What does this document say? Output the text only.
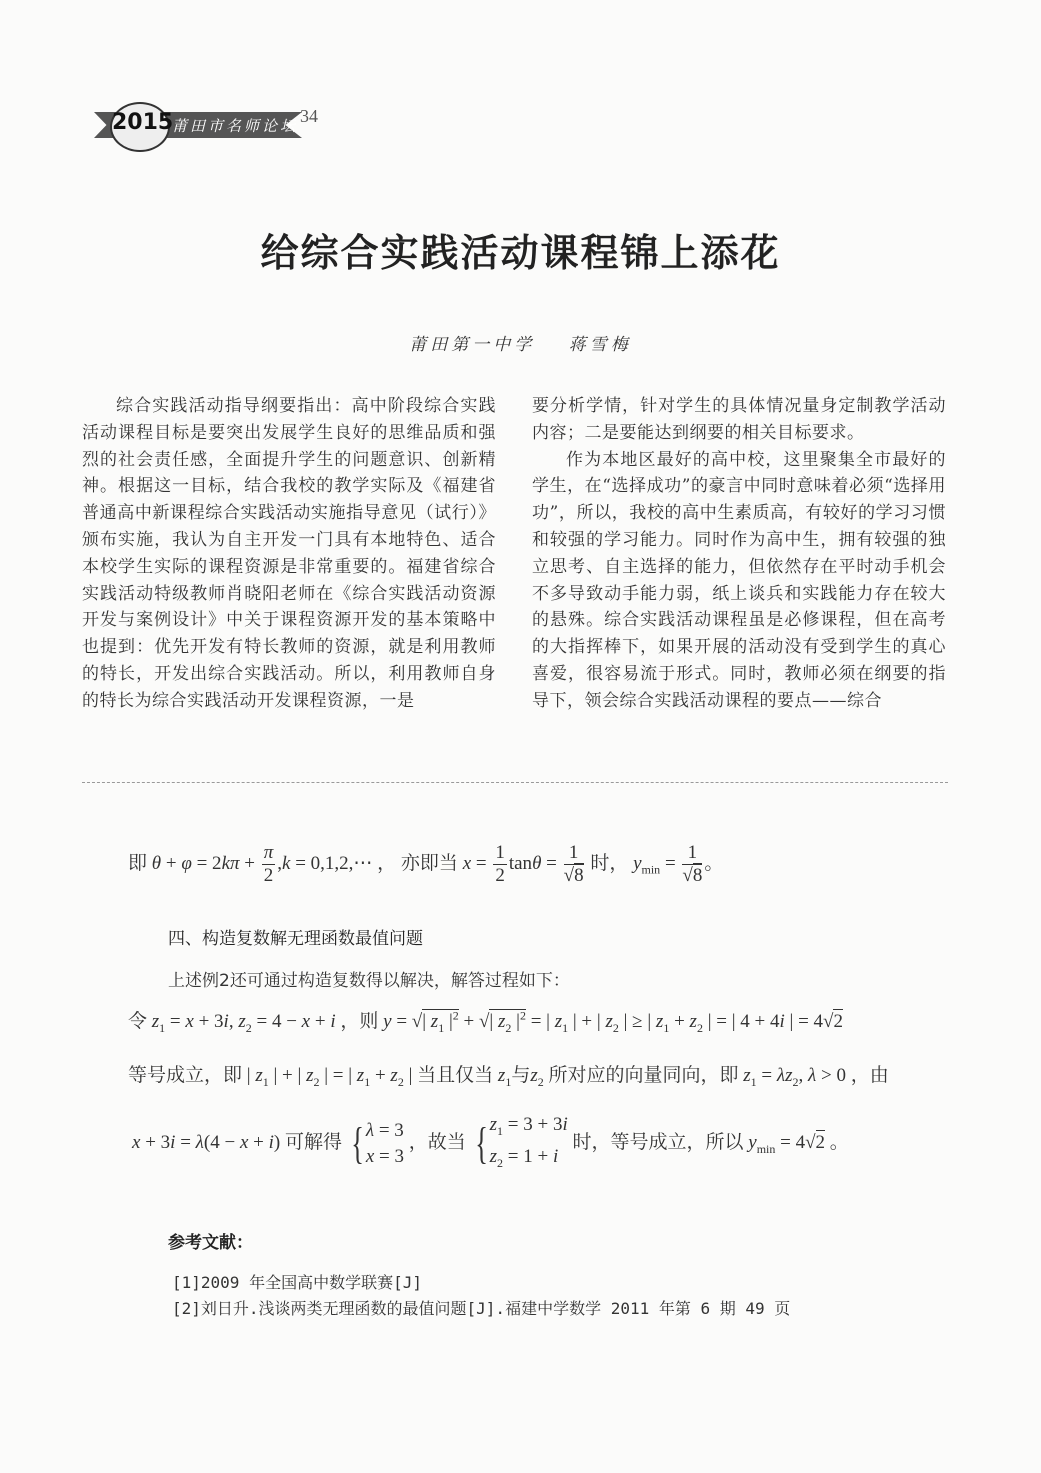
2015
莆田市名师论坛 34
给综合实践活动课程锦上添花
莆田第一中学 蒋雪梅

综合实践活动指导纲要指出：高中阶段综合实践活动课程目标是要突出发展学生良好的思维品质和强烈的社会责任感，全面提升学生的问题意识、创新精神。根据这一目标，结合我校的教学实际及《福建省普通高中新课程综合实践活动实施指导意见（试行）》颁布实施，我认为自主开发一门具有本地特色、适合本校学生实际的课程资源是非常重要的。福建省综合实践活动特级教师肖晓阳老师在《综合实践活动资源开发与案例设计》中关于课程资源开发的基本策略中也提到：优先开发有特长教师的资源，就是利用教师的特长，开发出综合实践活动。所以，利用教师自身的特长为综合实践活动开发课程资源，一是

要分析学情，针对学生的具体情况量身定制教学活动内容；二是要能达到纲要的相关目标要求。

作为本地区最好的高中校，这里聚集全市最好的学生，在“选择成功”的豪言中同时意味着必须“选择用功”，所以，我校的高中生素质高，有较好的学习习惯和较强的学习能力。同时作为高中生，拥有较强的独立思考、自主选择的能力，但依然存在平时动手机会不多导致动手能力弱，纸上谈兵和实践能力存在较大的悬殊。综合实践活动课程虽是必修课程，但在高考的大指挥棒下，如果开展的活动没有受到学生的真心喜爱，很容易流于形式。同时，教师必须在纲要的指导下，领会综合实践活动课程的要点——综合

即 $\theta + \varphi = 2k\pi + \frac{\pi}{2} ,k$ = 0,1,2,⋯ ， 亦即当 $x = \frac{1}{2}$ $\tan\theta = \frac{1}{√8}$ 时， $y_{min} = \frac{1}{√8}$ 。
四、构造复数解无理函数最值问题
上述例2还可通过构造复数得以解决，解答过程如下：
令 $z_1 = x + 3i$, $z_2 = 4 - x + i$ ，则 y = √| $z_1$ $|^2$ + √| $z_2$ $|^2$ = | $z_1$ | + | $z_2$ | ≥ | $z_1 + z_2$ | = | 4 + 4i | = 4√2
等号成立，即 | $z_1$ | + | $z_2$ | = | $z_1 + z_2$ | 当且仅当 $z_1$与$z_2$ 所对应的向量同向，即 $z_1 = \lambda z_2$, λ > 0 ，由
x + 3i = λ(4 − x + i) 可解得 { λ = 3
x = 3
，故当 { $z_1 = 3 + 3i$
$z_2 = 1 + i$
时，等号成立，所以 $y_{min} = 4√2$ 。
参考文献：
[1]2009 年全国高中数学联赛[J]
[2]刘日升.浅谈两类无理函数的最值问题[J].福建中学数学 2011 年第 6 期 49 页
